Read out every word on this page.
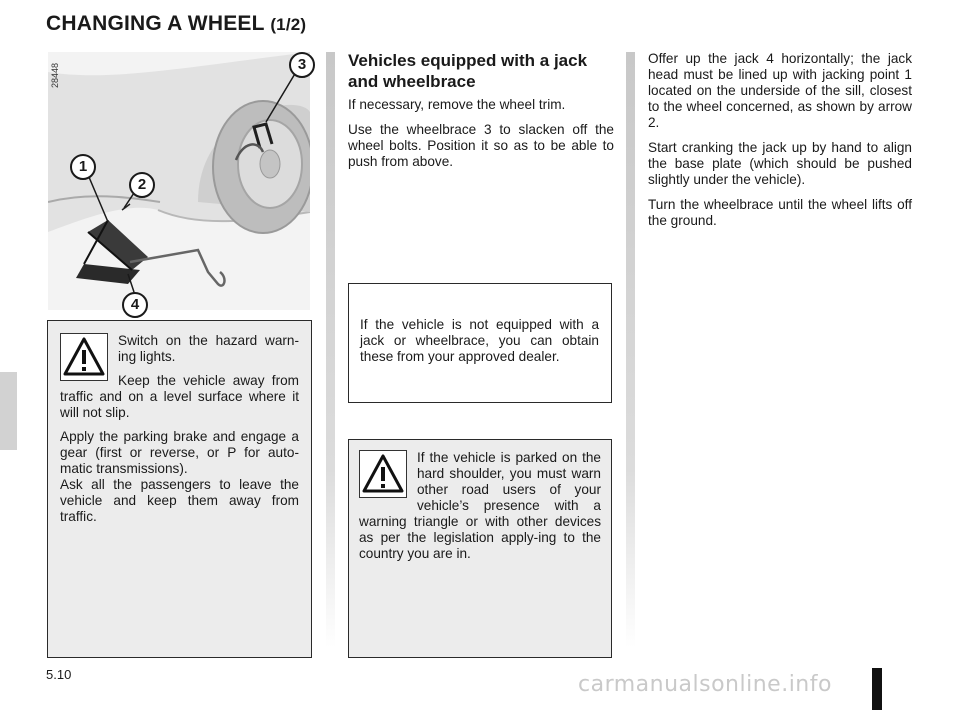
CHANGING A WHEEL (1/2)
28448
1
2
3
4

Switch on the hazard warn-ing lights.

Keep the vehicle away from traffic and on a level surface where it will not slip.

Apply the parking brake and engage a gear (first or reverse, or P for auto-matic transmissions).

Ask all the passengers to leave the vehicle and keep them away from traffic.

Vehicles equipped with a jack and wheelbrace

If necessary, remove the wheel trim.

Use the wheelbrace 3 to slacken off the wheel bolts. Position it so as to be able to push from above.

If the vehicle is not equipped with a jack or wheelbrace, you can obtain these from your approved dealer.

If the vehicle is parked on the hard shoulder, you must warn other road users of your vehicle’s presence with a warning triangle or with other devices as per the legislation apply-ing to the country you are in.

Offer up the jack 4 horizontally; the jack head must be lined up with jacking point 1 located on the underside of the sill, closest to the wheel concerned, as shown by arrow 2.

Start cranking the jack up by hand to align the base plate (which should be pushed slightly under the vehicle).

Turn the wheelbrace until the wheel lifts off the ground.

5.10	carmanualsonline.info
